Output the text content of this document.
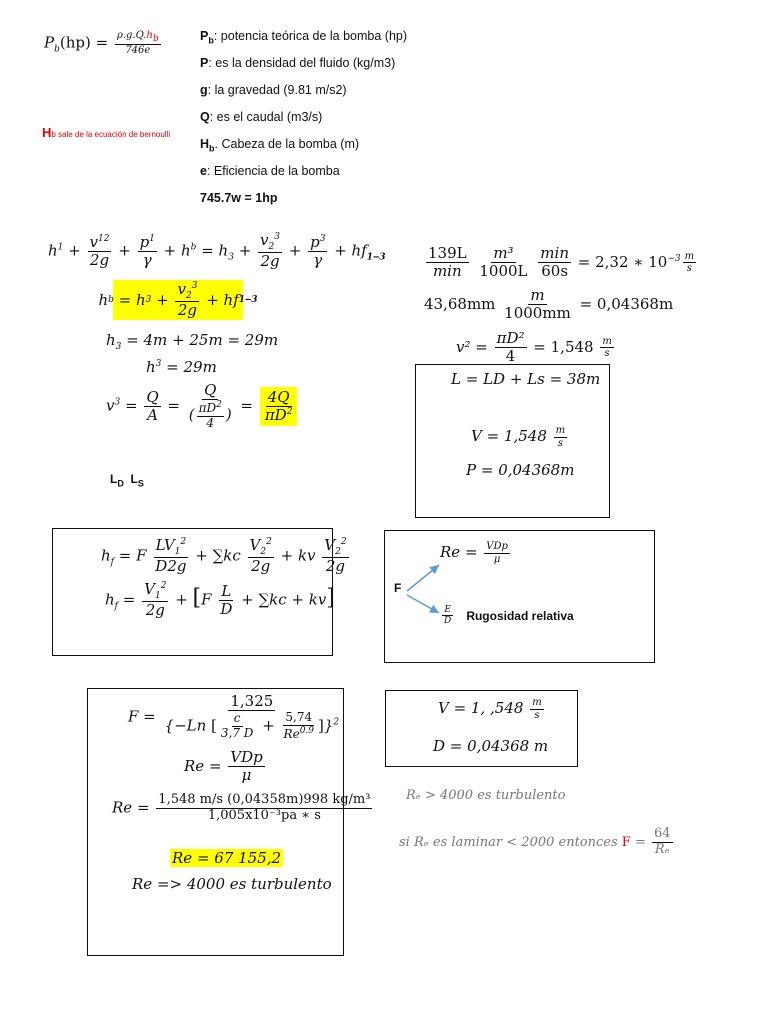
$P_b(hp) = \frac{\rho.g.Q.h_b}{746e}$	$P_b$: potencia teórica de la bomba (hp)
P: es la densidad del fluido (kg/m3)
g: la gravedad (9.81 m/s2)
Q: es el caudal (m3/s)
$H_b$. Cabeza de la bomba (m)
e: Eficiencia de la bomba
745.7w = 1hp
Hb sale de la ecuación de bernoulli
$h^1 + \frac{v^{12}}{2g} + \frac{p^1}{\gamma} + h^b = h_3 + \frac{v_2^3}{2g} + \frac{p^3}{\gamma} + hf_{1‒3}$
h b = h $3 + \frac{v_2^3}{2g}$ + hf 1‒3
$h_3 = 4m + 25m = 29m$
$h^3 = 29m$
$v^3 = \frac{Q}{A} = \frac{Q}{( \frac{\pi D^2}{4} )} = \frac{4Q}{\pi D^2}$
$L_D$ $L_S$
$\frac{139L}{\min}$
$\frac{\text{m³}}{1000L}$
$\frac{\min}{60s} = 2,32$ ∗ $10^{-3} \frac{m}{s}$
$43,68mm \frac{m}{1000mm} = 0,04368m$
$v^2 = \frac{\text{πD²}}{4} = 1,548 \frac{m}{s}$
L = LD + Ls = 38m
$V = 1,548 \frac{m}{s}$
P = 0,04368m
$h_f = F \frac{LV_1^2}{D2g} + \sum kc \frac{V_2^2}{2g}$ + kv $\frac{V_2^2}{2g}$
$h_f = \frac{V_1^2}{2g} + [F \frac{L}{D} + \sum kc + kv]$	F
$Re = \frac{\text{VDp}}{\mu}$
$\frac{E}{D}$ Rugosidad relativa
$F = \frac{1,325}{\{-Ln [ \frac{c}{3,7 D} + \frac{5,74}{Re^{0.9}} ]\}^2}$
$Re = \frac{\text{VDp}}{\mu}$
$Re = \frac{\text{1,548 m/s (0,04358m)998 kg/m³}}{\text{1,005x10⁻³pa ∗ s}}$
Re = 67 155,2
Re => 4000 es turbulento
V = 1, $,548 \frac{m}{s}$
D = 0,04368 m
Rₑ > 4000 es turbulento
si Rₑ es laminar < 2000 entonces $F = \frac{64}{\text{Rₑ}}$
